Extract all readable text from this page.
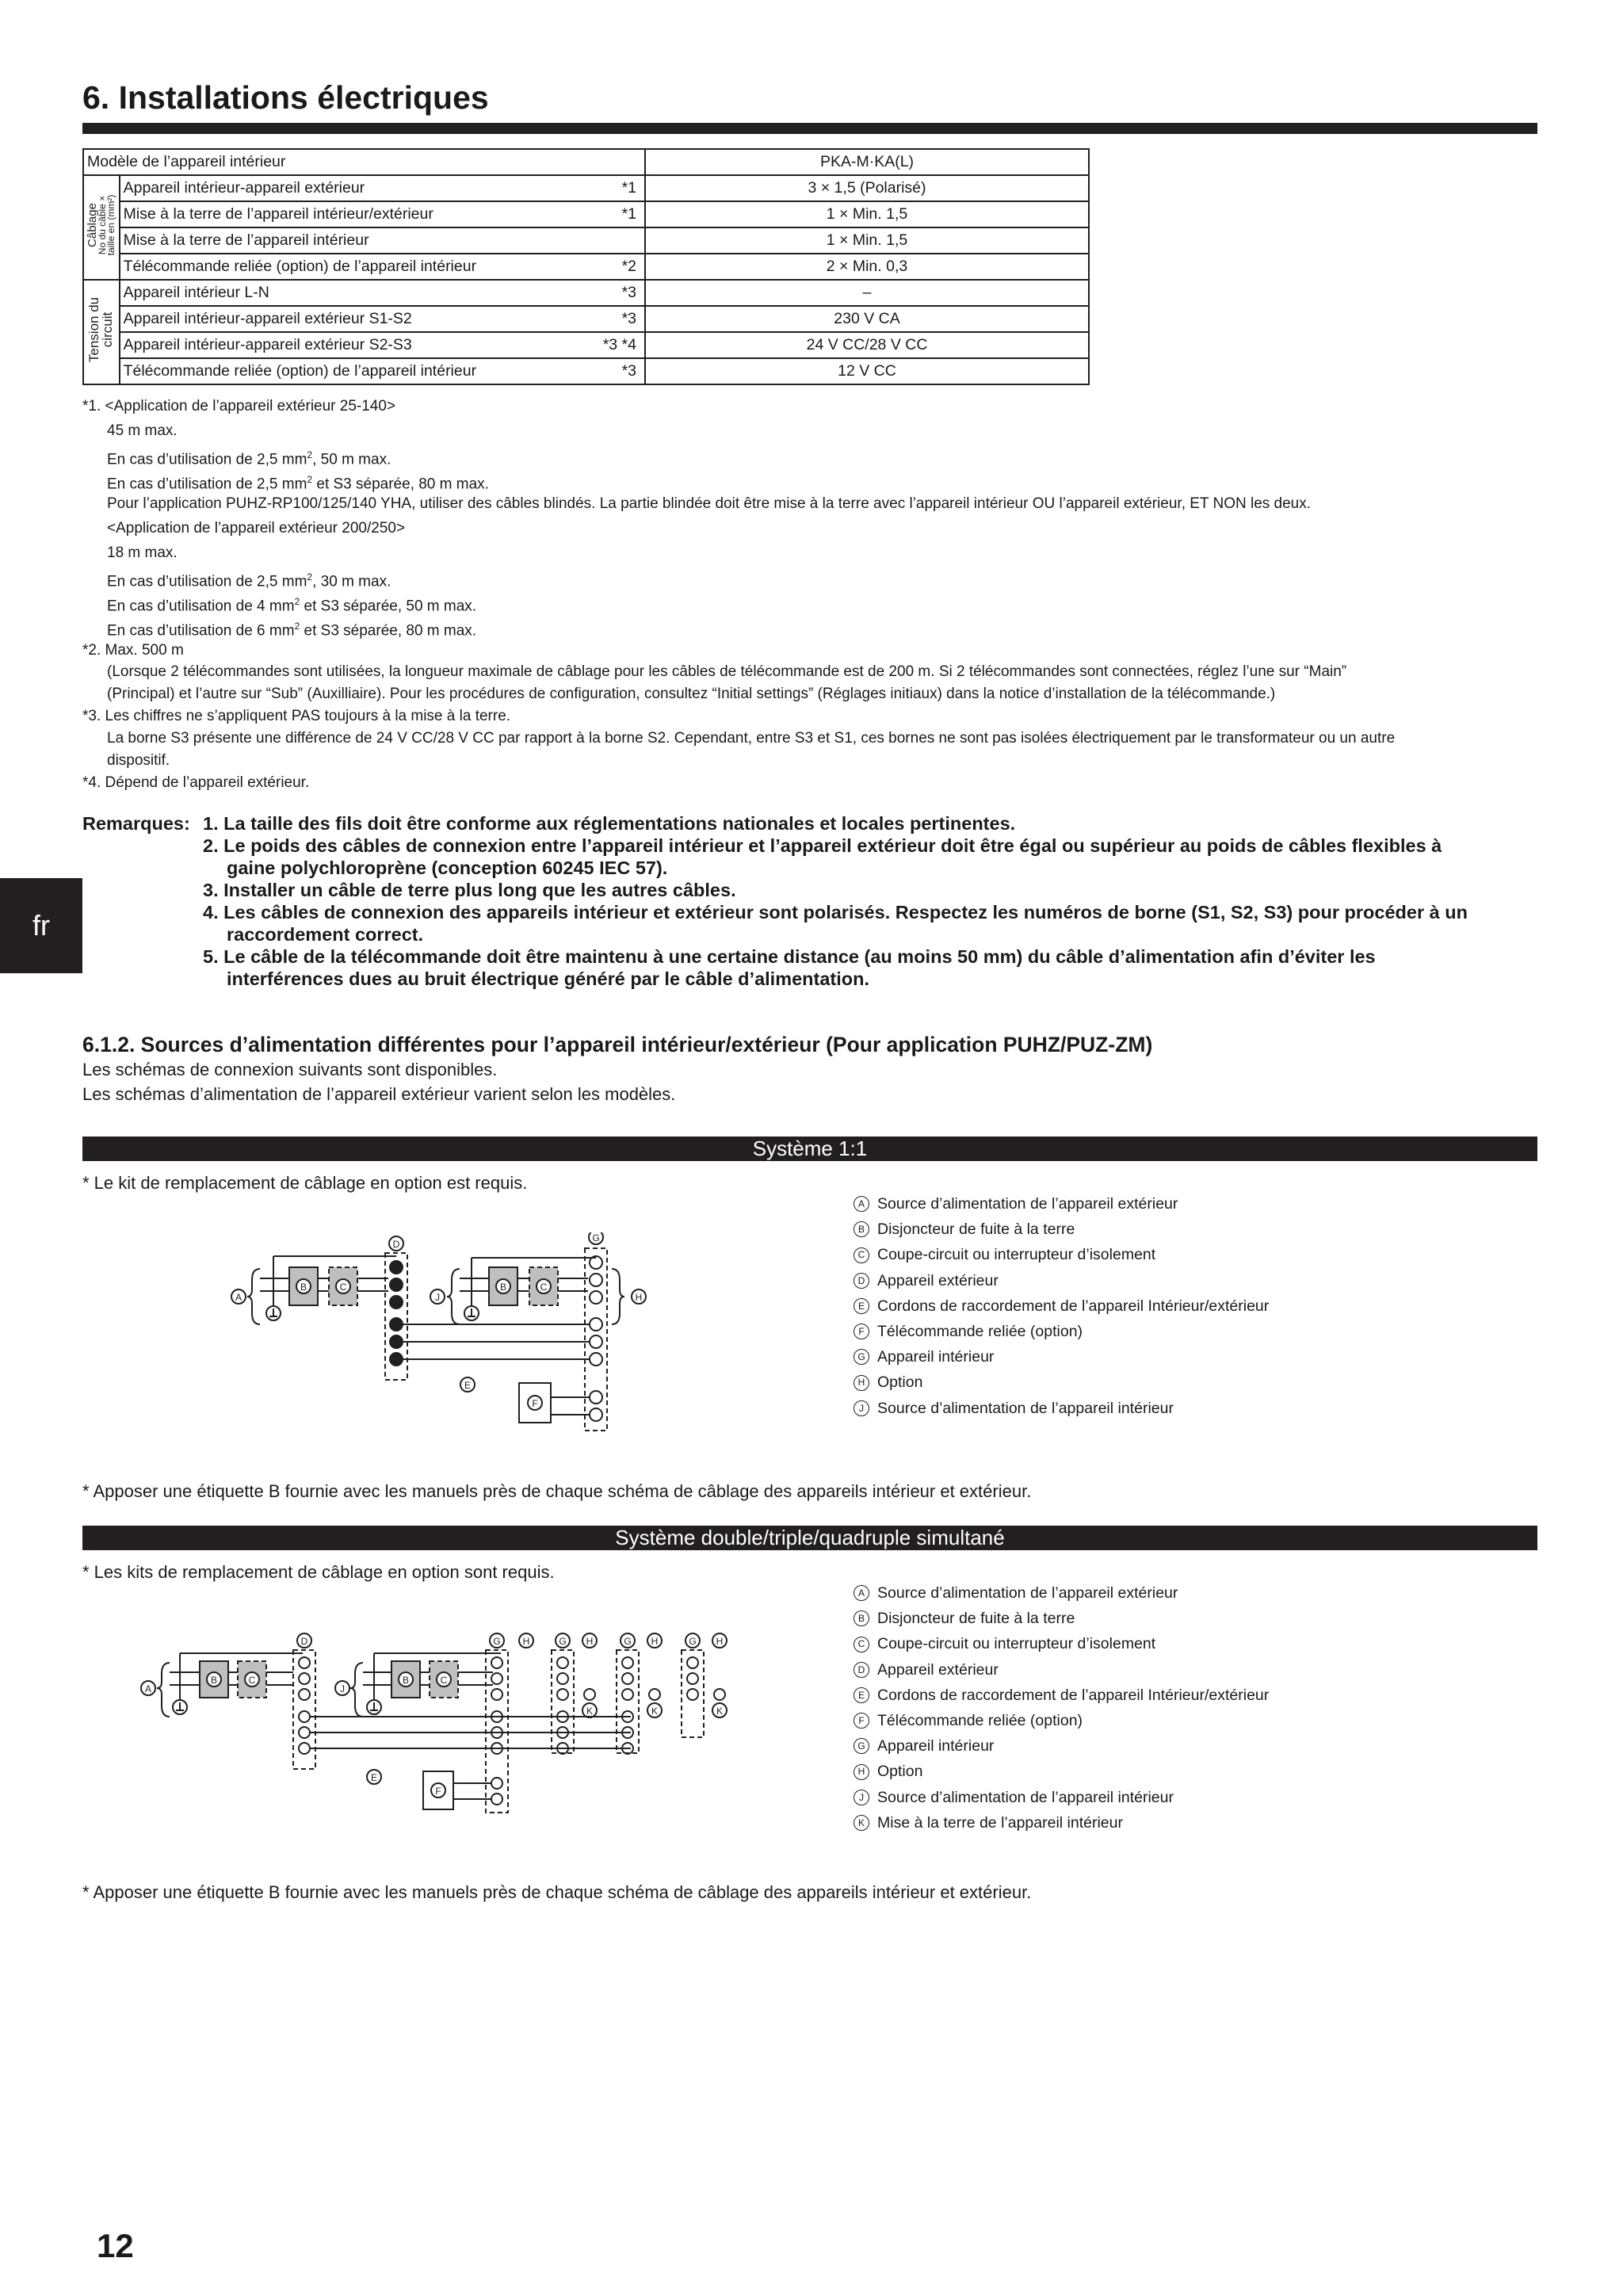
6. Installations électriques
Modèle de l’appareil intérieur			PKA-M·KA(L)

Câblage
No du câble ×
taille en (mm²)	Appareil intérieur-appareil extérieur	*1	3 × 1,5 (Polarisé)
	Mise à la terre de l’appareil intérieur/extérieur	*1	1 × Min. 1,5
	Mise à la terre de l’appareil intérieur		1 × Min. 1,5
	Télécommande reliée (option) de l’appareil intérieur	*2	2 × Min. 0,3

Tension du
circuit	Appareil intérieur L-N	*3	–
	Appareil intérieur-appareil extérieur S1-S2	*3	230 V CA
	Appareil intérieur-appareil extérieur S2-S3	*3 *4	24 V CC/28 V CC
	Télécommande reliée (option) de l’appareil intérieur	*3	12 V CC
*1. <Application de l’appareil extérieur 25-140>
45 m max.
En cas d’utilisation de 2,5 $mm^2$, 50 m max.
En cas d’utilisation de 2,5 $mm^2$ et S3 séparée, 80 m max.
Pour l’application PUHZ-RP100/125/140 YHA, utiliser des câbles blindés. La partie blindée doit être mise à la terre avec l’appareil intérieur OU l’appareil extérieur, ET NON les deux.
<Application de l’appareil extérieur 200/250>
18 m max.
En cas d’utilisation de 2,5 $mm^2$, 30 m max.
En cas d’utilisation de 4 $mm^2$ et S3 séparée, 50 m max.
En cas d’utilisation de 6 $mm^2$ et S3 séparée, 80 m max.
*2. Max. 500 m
(Lorsque 2 télécommandes sont utilisées, la longueur maximale de câblage pour les câbles de télécommande est de 200 m. Si 2 télécommandes sont connectées, réglez l’une sur “Main”
(Principal) et l’autre sur “Sub” (Auxilliaire). Pour les procédures de configuration, consultez “Initial settings” (Réglages initiaux) dans la notice d’installation de la télécommande.)
*3. Les chiffres ne s’appliquent PAS toujours à la mise à la terre.
La borne S3 présente une différence de 24 V CC/28 V CC par rapport à la borne S2. Cependant, entre S3 et S1, ces bornes ne sont pas isolées électriquement par le transformateur ou un autre
dispositif.
*4. Dépend de l’appareil extérieur.
Remarques: 1. La taille des fils doit être conforme aux réglementations nationales et locales pertinentes.
2. Le poids des câbles de connexion entre l’appareil intérieur et l’appareil extérieur doit être égal ou supérieur au poids de câbles flexibles à
gaine polychloroprène (conception 60245 IEC 57).
3. Installer un câble de terre plus long que les autres câbles.
4. Les câbles de connexion des appareils intérieur et extérieur sont polarisés. Respectez les numéros de borne (S1, S2, S3) pour procéder à un
raccordement correct.
5. Le câble de la télécommande doit être maintenu à une certaine distance (au moins 50 mm) du câble d’alimentation afin d’éviter les
interférences dues au bruit électrique généré par le câble d’alimentation.
fr
6.1.2. Sources d’alimentation différentes pour l’appareil intérieur/extérieur (Pour application PUHZ/PUZ-ZM)
Les schémas de connexion suivants sont disponibles.
Les schémas d’alimentation de l’appareil extérieur varient selon les modèles.
Système 1:1
* Le kit de remplacement de câblage en option est requis.
A
B	C
D
J
B	C
G
H
E
F
A Source d’alimentation de l’appareil extérieur
B Disjoncteur de fuite à la terre
C Coupe-circuit ou interrupteur d’isolement
D Appareil extérieur
E Cordons de raccordement de l’appareil Intérieur/extérieur
F Télécommande reliée (option)
G Appareil intérieur
H Option
J Source d’alimentation de l’appareil intérieur
* Apposer une étiquette B fournie avec les manuels près de chaque schéma de câblage des appareils intérieur et extérieur.
Système double/triple/quadruple simultané
* Les kits de remplacement de câblage en option sont requis.
A
B	C
D
J
B	C
G H	G H
K
G H
K
G H
K
E
F
A Source d’alimentation de l’appareil extérieur
B Disjoncteur de fuite à la terre
C Coupe-circuit ou interrupteur d’isolement
D Appareil extérieur
E Cordons de raccordement de l’appareil Intérieur/extérieur
F Télécommande reliée (option)
G Appareil intérieur
H Option
J Source d’alimentation de l’appareil intérieur
K Mise à la terre de l’appareil intérieur
* Apposer une étiquette B fournie avec les manuels près de chaque schéma de câblage des appareils intérieur et extérieur.
12
